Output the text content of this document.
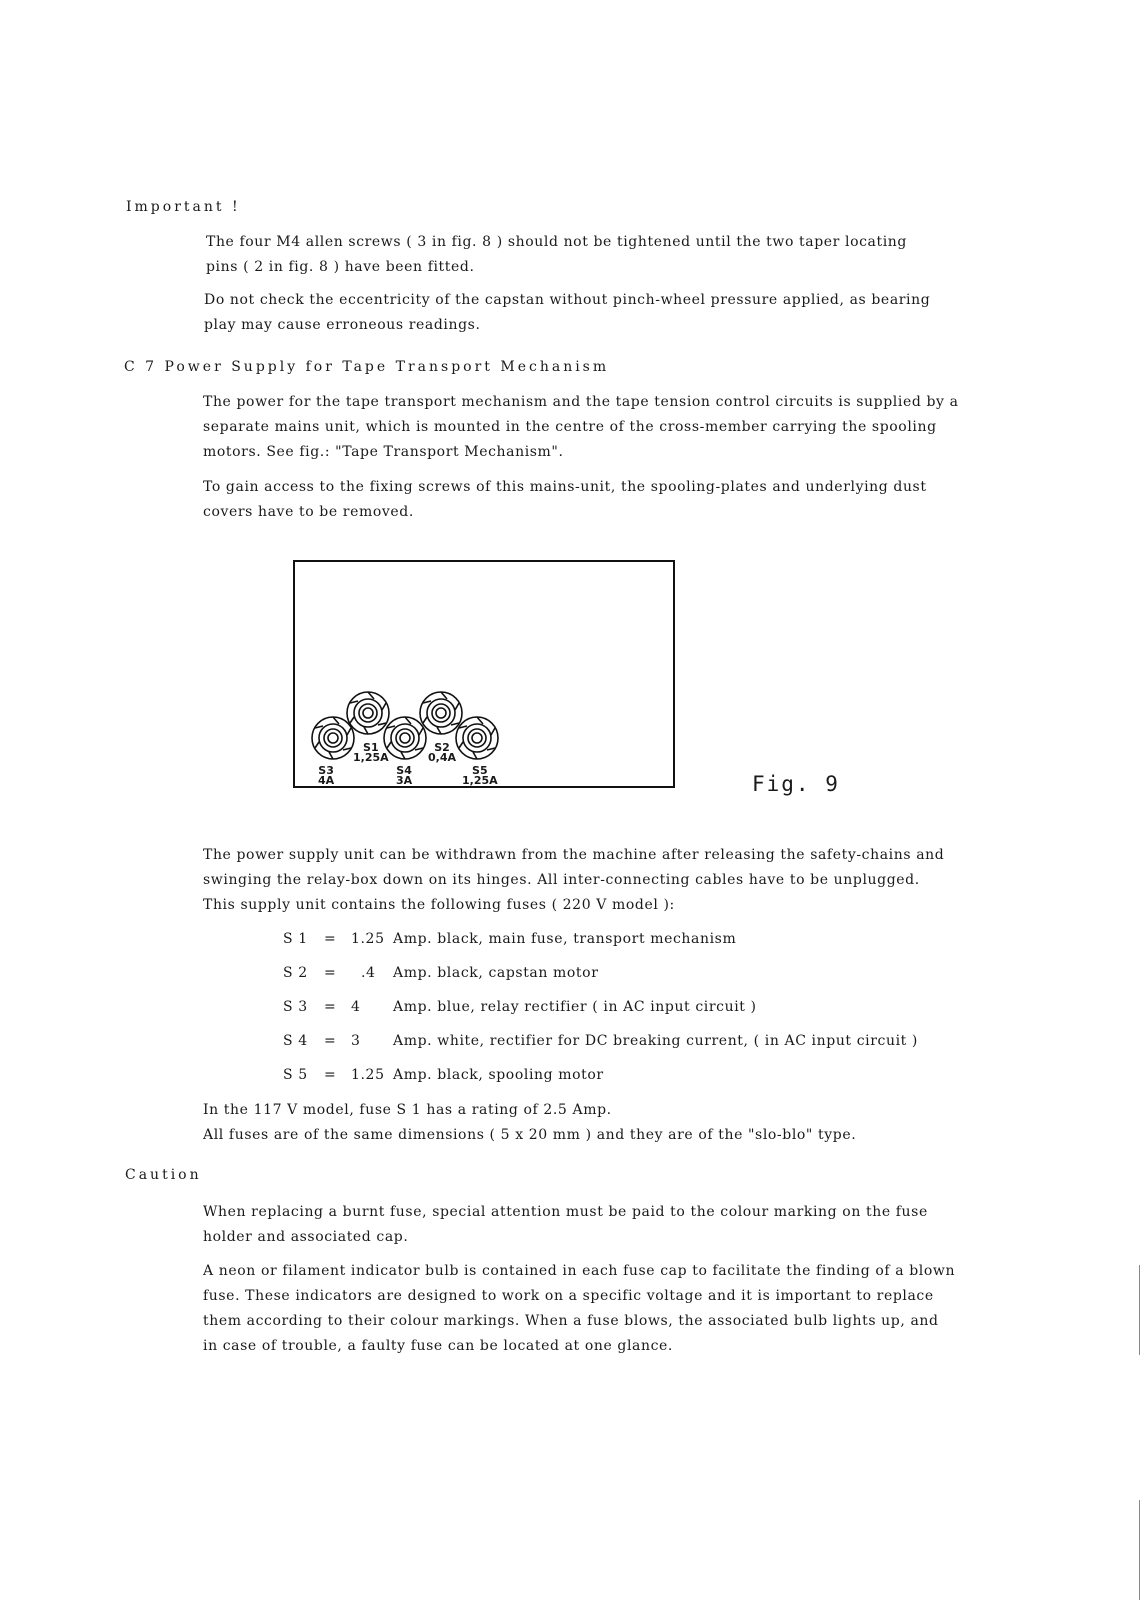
Important !
The four M4 allen screws ( 3 in fig. 8 ) should not be tightened until the two taper locating
pins ( 2 in fig. 8 ) have been fitted.
Do not check the eccentricity of the capstan without pinch-wheel pressure applied, as bearing
play may cause erroneous readings.
C 7 Power Supply for Tape Transport Mechanism
The power for the tape transport mechanism and the tape tension control circuits is supplied by a
separate mains unit, which is mounted in the centre of the cross-member carrying the spooling
motors. See fig.: "Tape Transport Mechanism".
To gain access to the fixing screws of this mains-unit, the spooling-plates and underlying dust
covers have to be removed.
S3
4A
S1
1,25A
S4
3A
S2
0,4A
S5
1,25A	Fig. 9
The power supply unit can be withdrawn from the machine after releasing the safety-chains and
swinging the relay-box down on its hinges. All inter-connecting cables have to be unplugged.
This supply unit contains the following fuses ( 220 V model ):
S 1 = 1.25 Amp. black, main fuse, transport mechanism
S 2 = .4 Amp. black, capstan motor
S 3 = 4 Amp. blue, relay rectifier ( in AC input circuit )
S 4 = 3 Amp. white, rectifier for DC breaking current, ( in AC input circuit )
S 5 = 1.25 Amp. black, spooling motor
In the 117 V model, fuse S 1 has a rating of 2.5 Amp.
All fuses are of the same dimensions ( 5 x 20 mm ) and they are of the "slo-blo" type.
Caution
When replacing a burnt fuse, special attention must be paid to the colour marking on the fuse
holder and associated cap.
A neon or filament indicator bulb is contained in each fuse cap to facilitate the finding of a blown
fuse. These indicators are designed to work on a specific voltage and it is important to replace
them according to their colour markings. When a fuse blows, the associated bulb lights up, and
in case of trouble, a faulty fuse can be located at one glance.
